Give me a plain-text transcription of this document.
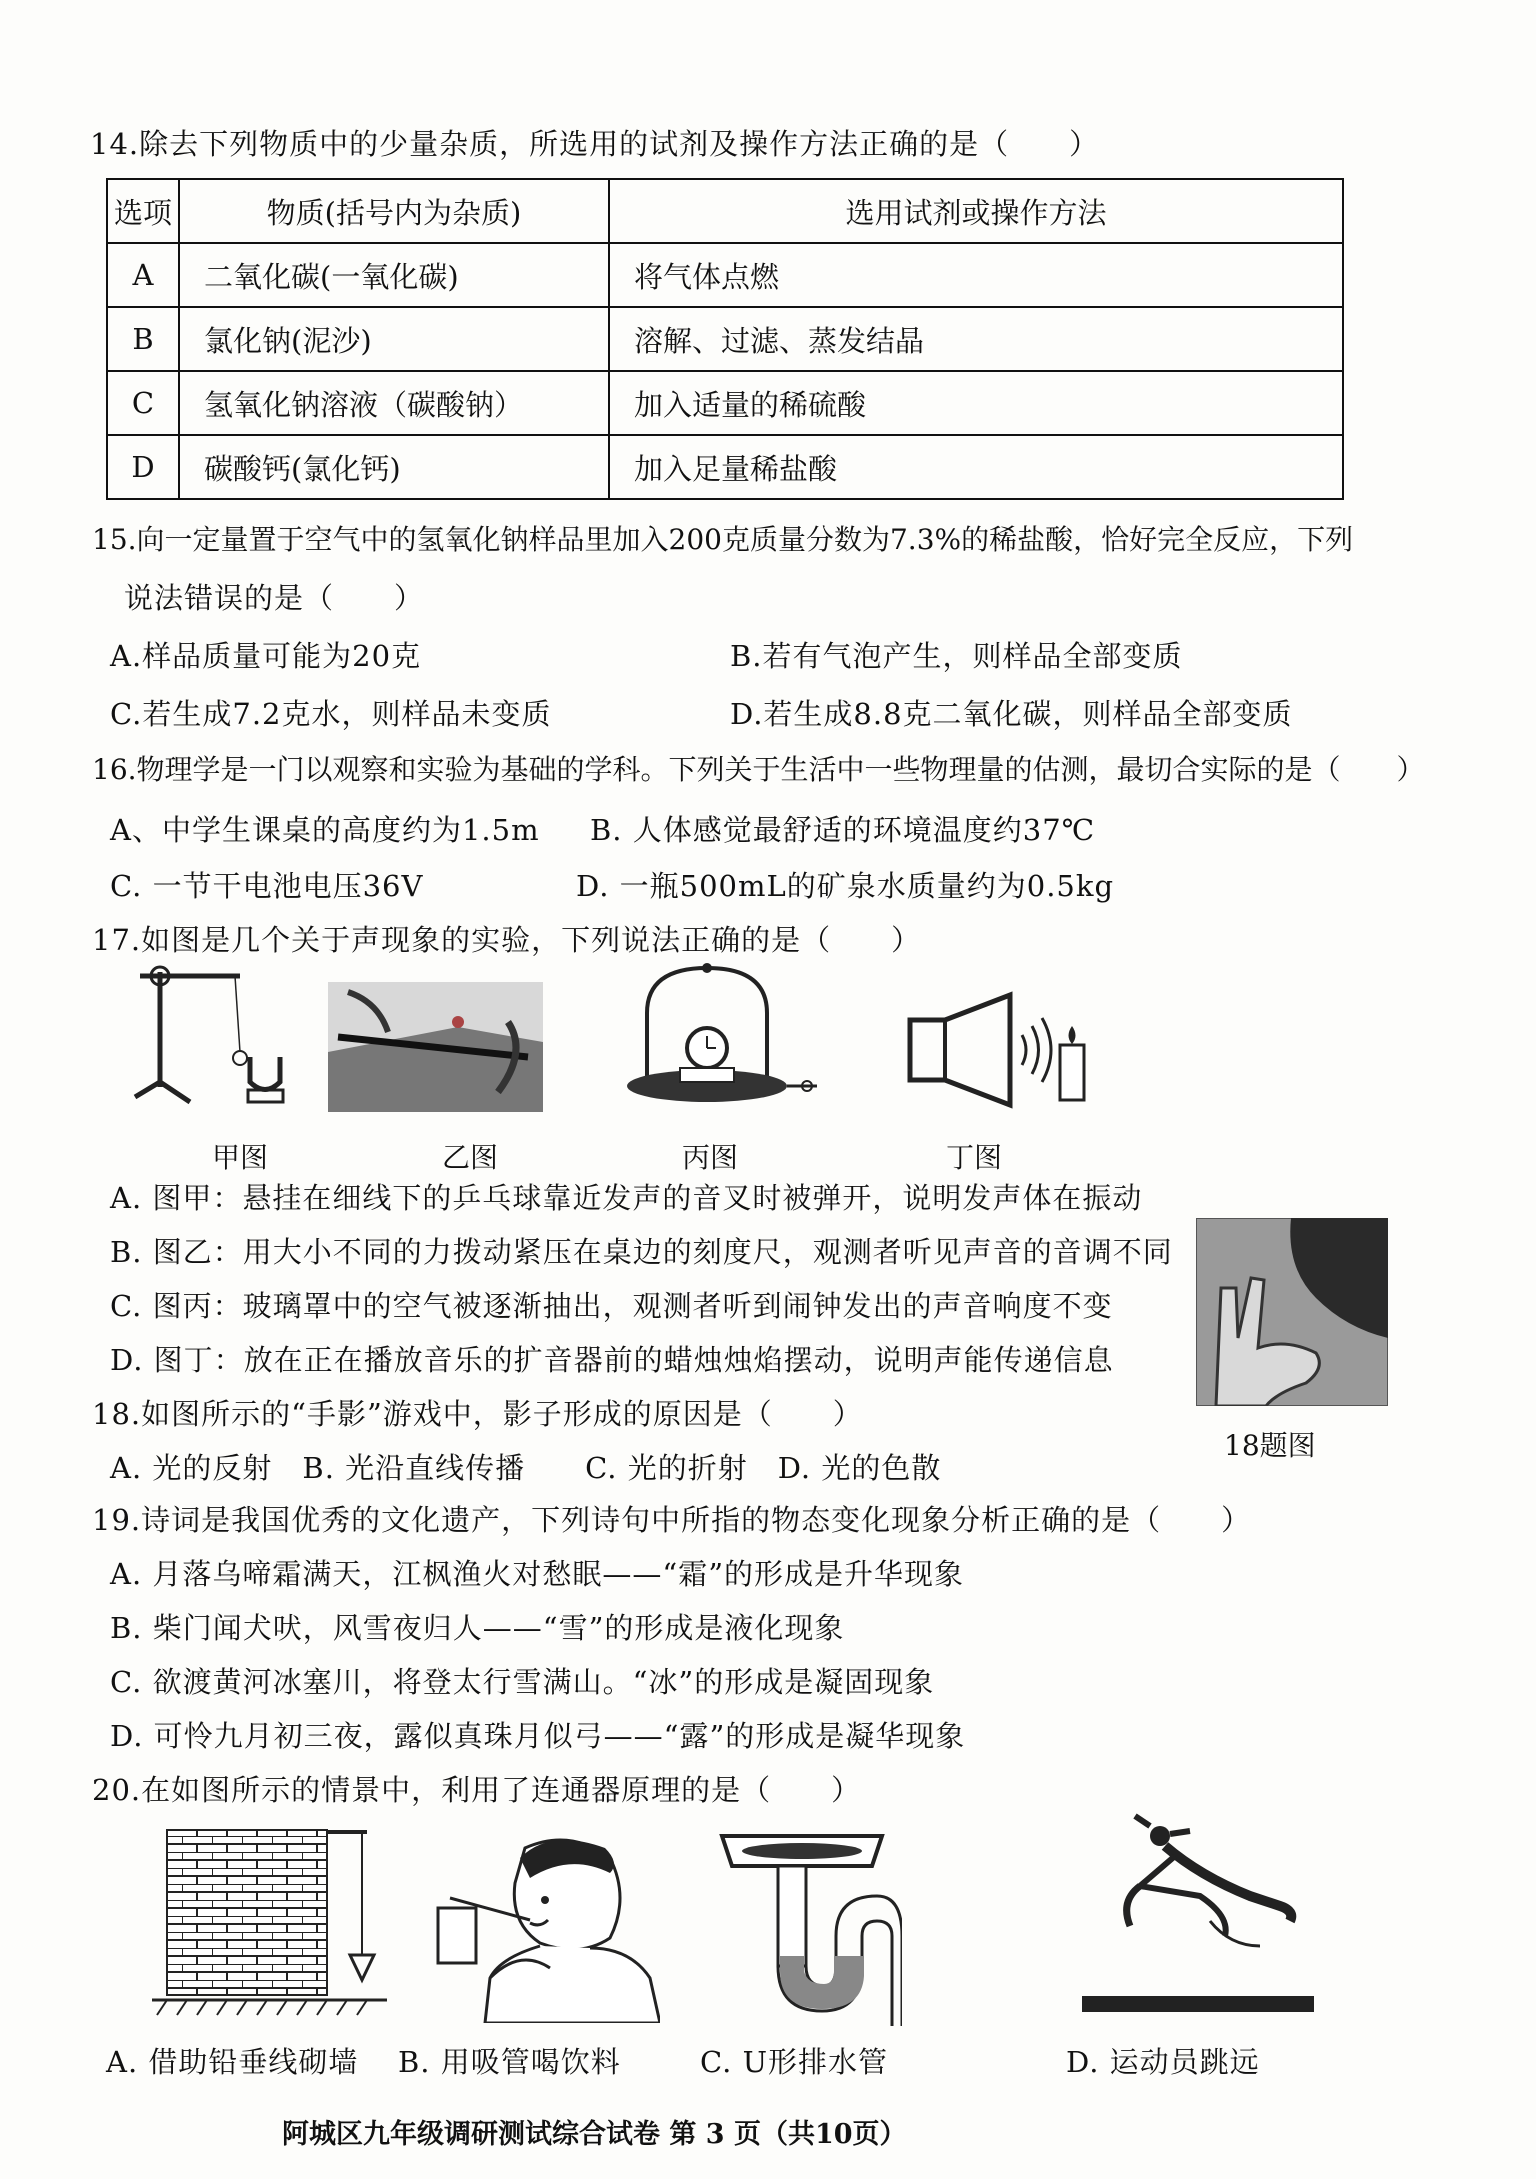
14.除去下列物质中的少量杂质，所选用的试剂及操作方法正确的是（　　）
选项	物质(括号内为杂质)	选用试剂或操作方法
A	二氧化碳(一氧化碳)	将气体点燃
B	氯化钠(泥沙)	溶解、过滤、蒸发结晶
C	氢氧化钠溶液（碳酸钠）	加入适量的稀硫酸
D	碳酸钙(氯化钙)	加入足量稀盐酸
15.向一定量置于空气中的氢氧化钠样品里加入200克质量分数为7.3%的稀盐酸，恰好完全反应，下列
说法错误的是（　　）
A.样品质量可能为20克	B.若有气泡产生，则样品全部变质
C.若生成7.2克水，则样品未变质	D.若生成8.8克二氧化碳，则样品全部变质
16.物理学是一门以观察和实验为基础的学科。下列关于生活中一些物理量的估测，最切合实际的是（　　）
A、中学生课桌的高度约为1.5m B. 人体感觉最舒适的环境温度约37℃
C. 一节干电池电压36V	D. 一瓶500mL的矿泉水质量约为0.5kg
17.如图是几个关于声现象的实验，下列说法正确的是（　　）
甲图	乙图	丙图	丁图
A. 图甲：悬挂在细线下的乒乓球靠近发声的音叉时被弹开，说明发声体在振动
B. 图乙：用大小不同的力拨动紧压在桌边的刻度尺，观测者听见声音的音调不同
C. 图丙：玻璃罩中的空气被逐渐抽出，观测者听到闹钟发出的声音响度不变
D. 图丁：放在正在播放音乐的扩音器前的蜡烛烛焰摆动，说明声能传递信息
18题图
18.如图所示的“手影”游戏中，影子形成的原因是（　　）
A. 光的反射　B. 光沿直线传播　　C. 光的折射　D. 光的色散
19.诗词是我国优秀的文化遗产，下列诗句中所指的物态变化现象分析正确的是（　　）
A. 月落乌啼霜满天，江枫渔火对愁眠——“霜”的形成是升华现象
B. 柴门闻犬吠，风雪夜归人——“雪”的形成是液化现象
C. 欲渡黄河冰塞川，将登太行雪满山。“冰”的形成是凝固现象
D. 可怜九月初三夜，露似真珠月似弓——“露”的形成是凝华现象
20.在如图所示的情景中，利用了连通器原理的是（　　）
A. 借助铅垂线砌墙 B. 用吸管喝饮料	C. U形排水管	D. 运动员跳远
阿城区九年级调研测试综合试卷 第 3 页（共10页）
